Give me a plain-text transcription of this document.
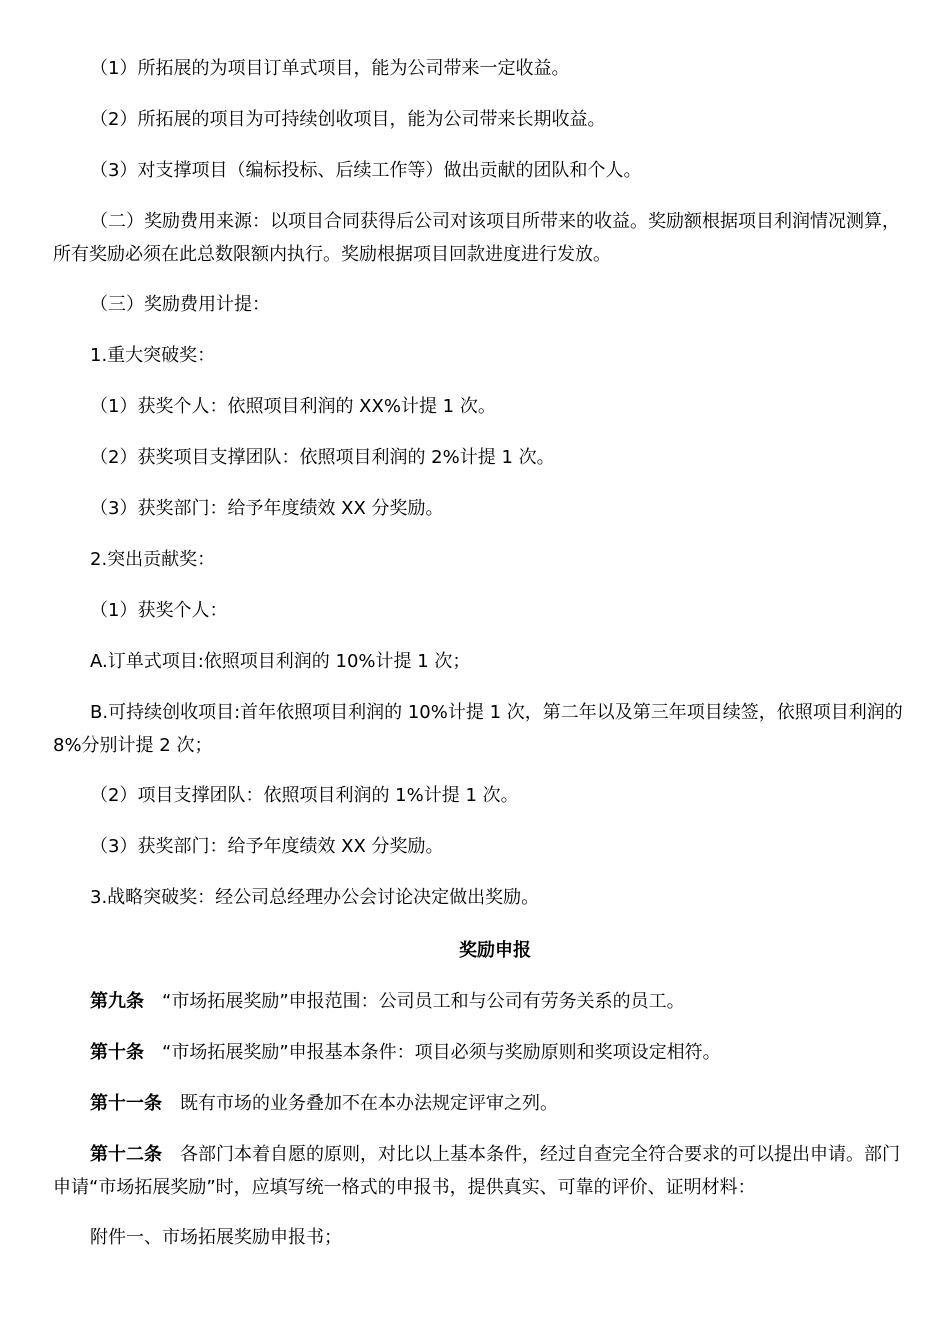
（1）所拓展的为项目订单式项目，能为公司带来一定收益。

（2）所拓展的项目为可持续创收项目，能为公司带来长期收益。

（3）对支撑项目（编标投标、后续工作等）做出贡献的团队和个人。

（二）奖励费用来源：以项目合同获得后公司对该项目所带来的收益。奖励额根据项目利润情况测算，所有奖励必须在此总数限额内执行。奖励根据项目回款进度进行发放。

（三）奖励费用计提：

1.重大突破奖：

（1）获奖个人：依照项目利润的 XX%计提 1 次。

（2）获奖项目支撑团队：依照项目利润的 2%计提 1 次。

（3）获奖部门：给予年度绩效 XX 分奖励。

2.突出贡献奖：

（1）获奖个人：

A.订单式项目:依照项目利润的 10%计提 1 次；

B.可持续创收项目:首年依照项目利润的 10%计提 1 次，第二年以及第三年项目续签，依照项目利润的 8%分别计提 2 次；

（2）项目支撑团队：依照项目利润的 1%计提 1 次。

（3）获奖部门：给予年度绩效 XX 分奖励。

3.战略突破奖：经公司总经理办公会讨论决定做出奖励。

奖励申报

第九条 “市场拓展奖励”申报范围：公司员工和与公司有劳务关系的员工。

第十条 “市场拓展奖励”申报基本条件：项目必须与奖励原则和奖项设定相符。

第十一条 既有市场的业务叠加不在本办法规定评审之列。

第十二条 各部门本着自愿的原则，对比以上基本条件，经过自查完全符合要求的可以提出申请。部门申请“市场拓展奖励”时，应填写统一格式的申报书，提供真实、可靠的评价、证明材料：

附件一、市场拓展奖励申报书；
